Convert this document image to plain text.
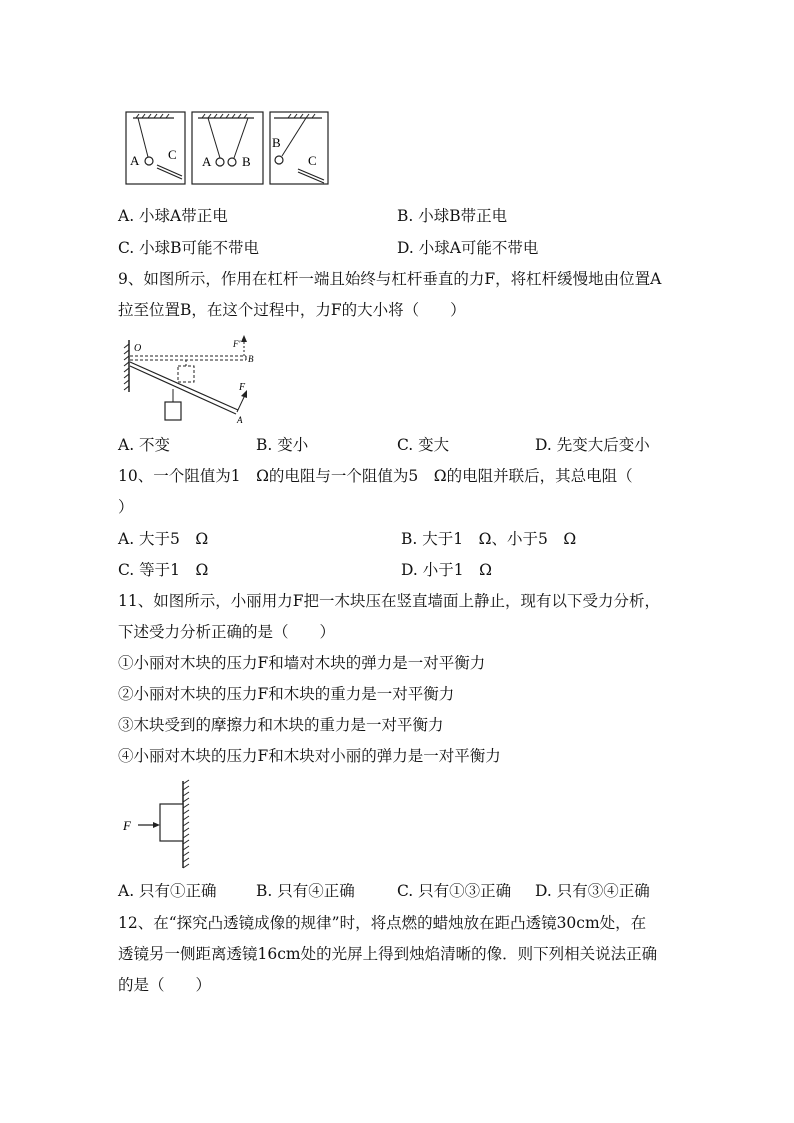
A C A B
B
C
A. 小球A带正电	B. 小球B带正电
C. 小球B可能不带电	D. 小球A可能不带电
9、如图所示，作用在杠杆一端且始终与杠杆垂直的力F，将杠杆缓慢地由位置A
拉至位置B，在这个过程中，力F的大小将（　　）
O	F'
B
F
A
A. 不变	B. 变小	C. 变大	D. 先变大后变小
10、一个阻值为1　Ω的电阻与一个阻值为5　Ω的电阻并联后，其总电阻（
）
A. 大于5　Ω	B. 大于1　Ω、小于5　Ω
C. 等于1　Ω	D. 小于1　Ω
11、如图所示，小丽用力F把一木块压在竖直墙面上静止，现有以下受力分析，
下述受力分析正确的是（　　）
①小丽对木块的压力F和墙对木块的弹力是一对平衡力
②小丽对木块的压力F和木块的重力是一对平衡力
③木块受到的摩擦力和木块的重力是一对平衡力
④小丽对木块的压力F和木块对小丽的弹力是一对平衡力
F
A. 只有①正确	B. 只有④正确	C. 只有①③正确 D. 只有③④正确
12、在“探究凸透镜成像的规律”时，将点燃的蜡烛放在距凸透镜30cm处，在
透镜另一侧距离透镜16cm处的光屏上得到烛焰清晰的像．则下列相关说法正确
的是（　　）
